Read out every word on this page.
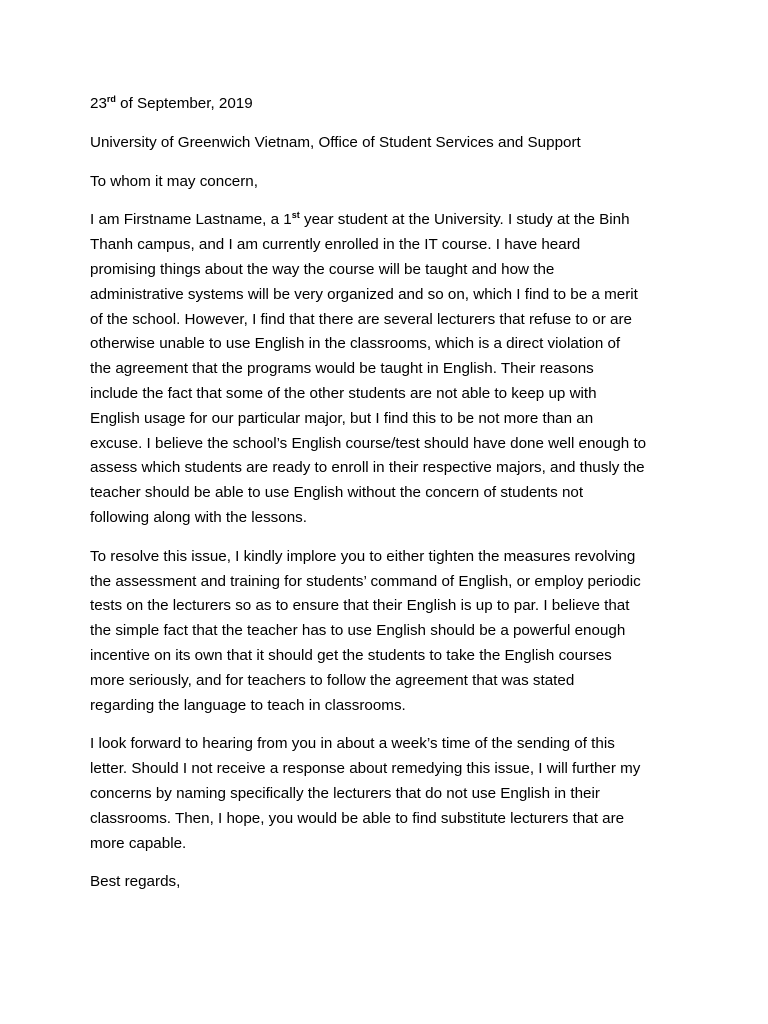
23rd of September, 2019

University of Greenwich Vietnam, Office of Student Services and Support

To whom it may concern,

I am Firstname Lastname, a 1st year student at the University. I study at the Binh
Thanh campus, and I am currently enrolled in the IT course. I have heard
promising things about the way the course will be taught and how the
administrative systems will be very organized and so on, which I find to be a merit
of the school. However, I find that there are several lecturers that refuse to or are
otherwise unable to use English in the classrooms, which is a direct violation of
the agreement that the programs would be taught in English. Their reasons
include the fact that some of the other students are not able to keep up with
English usage for our particular major, but I find this to be not more than an
excuse. I believe the school’s English course/test should have done well enough to
assess which students are ready to enroll in their respective majors, and thusly the
teacher should be able to use English without the concern of students not
following along with the lessons.

To resolve this issue, I kindly implore you to either tighten the measures revolving
the assessment and training for students’ command of English, or employ periodic
tests on the lecturers so as to ensure that their English is up to par. I believe that
the simple fact that the teacher has to use English should be a powerful enough
incentive on its own that it should get the students to take the English courses
more seriously, and for teachers to follow the agreement that was stated
regarding the language to teach in classrooms.

I look forward to hearing from you in about a week’s time of the sending of this
letter. Should I not receive a response about remedying this issue, I will further my
concerns by naming specifically the lecturers that do not use English in their
classrooms. Then, I hope, you would be able to find substitute lecturers that are
more capable.

Best regards,
